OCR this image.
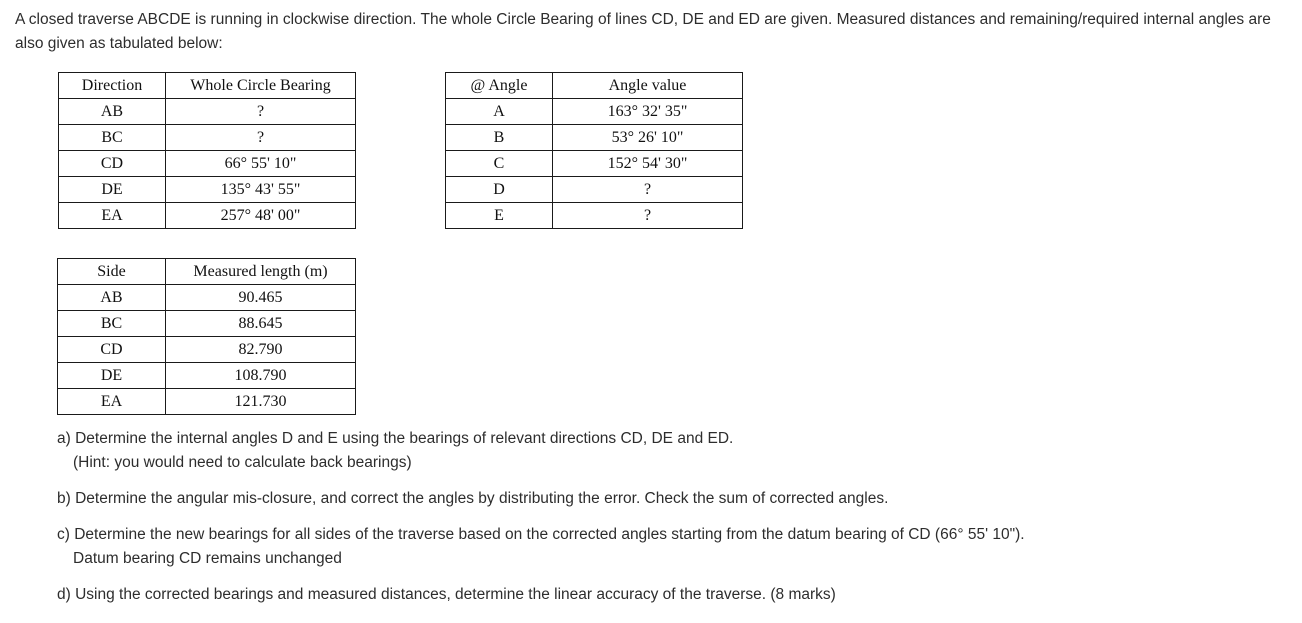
A closed traverse ABCDE is running in clockwise direction. The whole Circle Bearing of lines CD, DE and ED are given. Measured distances and remaining/required internal angles are also given as tabulated below:
Direction	Whole Circle Bearing
AB	?
BC	?
CD	66° 55' 10"
DE	135° 43' 55"
EA	257° 48' 00"
@ Angle	Angle value
A	163° 32' 35"
B	53° 26' 10"
C	152° 54' 30"
D	?
E	?
Side	Measured length (m)
AB	90.465
BC	88.645
CD	82.790
DE	108.790
EA	121.730
a) Determine the internal angles D and E using the bearings of relevant directions CD, DE and ED.
(Hint: you would need to calculate back bearings)
b) Determine the angular mis-closure, and correct the angles by distributing the error. Check the sum of corrected angles.
c) Determine the new bearings for all sides of the traverse based on the corrected angles starting from the datum bearing of CD (66° 55' 10").
Datum bearing CD remains unchanged
d) Using the corrected bearings and measured distances, determine the linear accuracy of the traverse. (8 marks)
